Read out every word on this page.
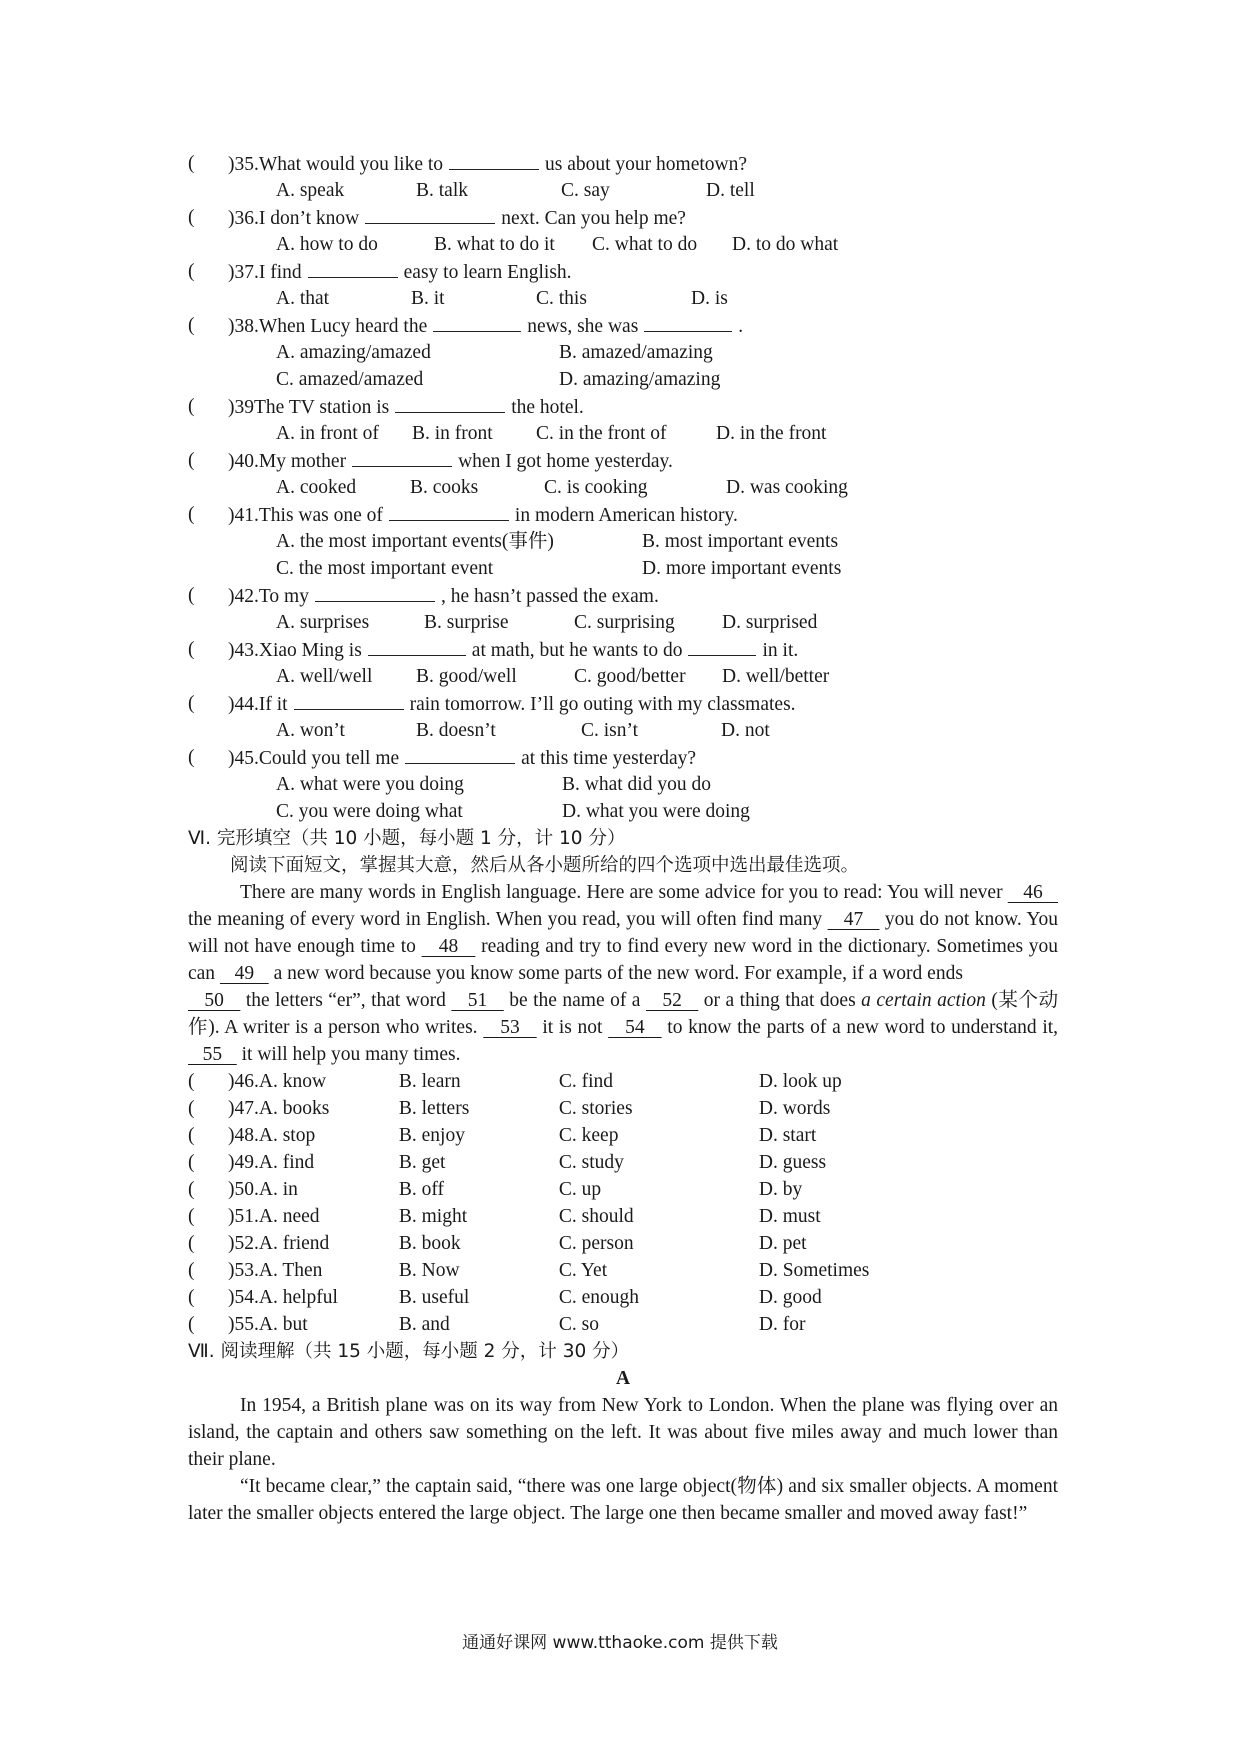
(	)35.What would you like to	us about your hometown?
A. speak	B. talk	C. say	D. tell
(	)36.I don’t know	next. Can you help me?
A. how to do	B. what to do it	C. what to do	D. to do what
(	)37.I find	easy to learn English.
A. that	B. it	C. this	D. is
(	)38.When Lucy heard the	news, she was	.
A. amazing/amazed	B. amazed/amazing
C. amazed/amazed	D. amazing/amazing
(	)39The TV station is	the hotel.
A. in front of	B. in front	C. in the front of	D. in the front
(	)40.My mother	when I got home yesterday.
A. cooked	B. cooks	C. is cooking	D. was cooking
(	)41.This was one of	in modern American history.
A. the most important events(事件)	B. most important events
C. the most important event	D. more important events
(	)42.To my	, he hasn’t passed the exam.
A. surprises	B. surprise	C. surprising	D. surprised
(	)43.Xiao Ming is	at math, but he wants to do	in it.
A. well/well	B. good/well	C. good/better	D. well/better
(	)44.If it	rain tomorrow. I’ll go outing with my classmates.
A. won’t	B. doesn’t	C. isn’t	D. not
(	)45.Could you tell me	at this time yesterday?
A. what were you doing	B. what did you do
C. you were doing what	D. what you were doing
Ⅵ. 完形填空（共 10 小题，每小题 1 分，计 10 分）
阅读下面短文，掌握其大意，然后从各小题所给的四个选项中选出最佳选项。
There are many words in English language. Here are some advice for you to read: You will never    46    the meaning of every word in English. When you read, you will often find many    47    you do not know. You will not have enough time to    48    reading and try to find every new word in the dictionary. Sometimes you can    49    a new word because you know some parts of the new word. For example, if a word ends
50    the letters “er”, that word    51    be the name of a    52    or a thing that does a certain action (某个动作). A writer is a person who writes.    53    it is not    54    to know the parts of a new word to understand it,    55    it will help you many times.
(	)46. A. know	B. learn	C. find	D. look up
(	)47. A. books	B. letters	C. stories	D. words
(	)48. A. stop	B. enjoy	C. keep	D. start
(	)49. A. find	B. get	C. study	D. guess
(	)50. A. in	B. off	C. up	D. by
(	)51. A. need	B. might	C. should	D. must
(	)52. A. friend	B. book	C. person	D. pet
(	)53. A. Then	B. Now	C. Yet	D. Sometimes
(	)54. A. helpful	B. useful	C. enough	D. good
(	)55. A. but	B. and	C. so	D. for
Ⅶ. 阅读理解（共 15 小题，每小题 2 分，计 30 分）
A
In 1954, a British plane was on its way from New York to London. When the plane was flying over an island, the captain and others saw something on the left. It was about five miles away and much lower than their plane.
“It became clear,” the captain said, “there was one large object(物体) and six smaller objects. A moment later the smaller objects entered the large object. The large one then became smaller and moved away fast!”
通通好课网 www.tthaoke.com 提供下载
